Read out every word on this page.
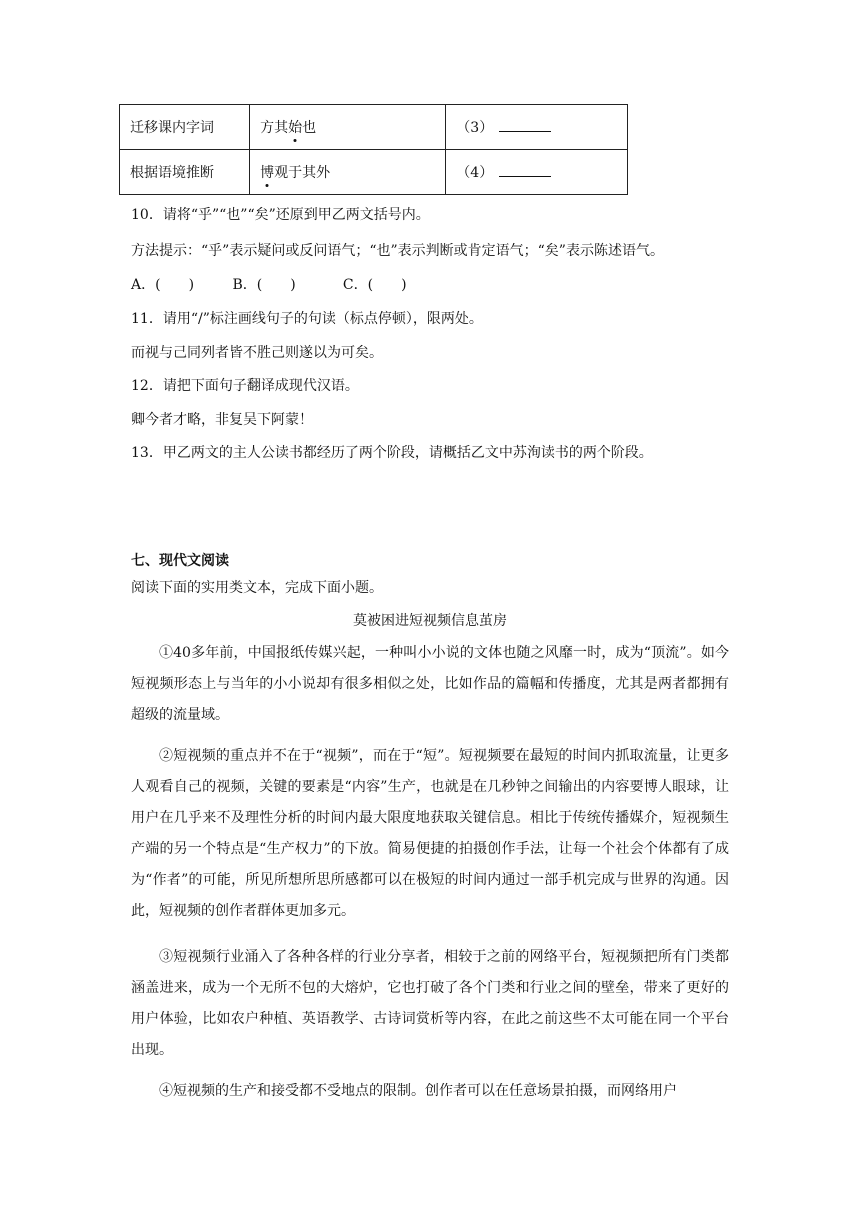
迁移课内字词	方其始也	（3）
根据语境推断	博观于其外	（4）
10．请将“乎”“也”“矣”还原到甲乙两文括号内。
方法提示：“乎”表示疑问或反问语气；“也”表示判断或肯定语气；“矣”表示陈述语气。
A．(　　)	B．(　　)	C．(　　)
11．请用“/”标注画线句子的句读（标点停顿），限两处。
而视与己同列者皆不胜己则遂以为可矣。
12．请把下面句子翻译成现代汉语。
卿今者才略，非复吴下阿蒙！
13．甲乙两文的主人公读书都经历了两个阶段，请概括乙文中苏洵读书的两个阶段。
七、现代文阅读
阅读下面的实用类文本，完成下面小题。
莫被困进短视频信息茧房
①40多年前，中国报纸传媒兴起，一种叫小小说的文体也随之风靡一时，成为“顶流”。如今短视频形态上与当年的小小说却有很多相似之处，比如作品的篇幅和传播度，尤其是两者都拥有超级的流量域。
②短视频的重点并不在于“视频”，而在于“短”。短视频要在最短的时间内抓取流量，让更多人观看自己的视频，关键的要素是“内容”生产，也就是在几秒钟之间输出的内容要博人眼球，让用户在几乎来不及理性分析的时间内最大限度地获取关键信息。相比于传统传播媒介，短视频生产端的另一个特点是“生产权力”的下放。简易便捷的拍摄创作手法，让每一个社会个体都有了成为“作者”的可能，所见所想所思所感都可以在极短的时间内通过一部手机完成与世界的沟通。因此，短视频的创作者群体更加多元。
③短视频行业涌入了各种各样的行业分享者，相较于之前的网络平台，短视频把所有门类都涵盖进来，成为一个无所不包的大熔炉，它也打破了各个门类和行业之间的壁垒，带来了更好的用户体验，比如农户种植、英语教学、古诗词赏析等内容，在此之前这些不太可能在同一个平台出现。
④短视频的生产和接受都不受地点的限制。创作者可以在任意场景拍摄，而网络用户
